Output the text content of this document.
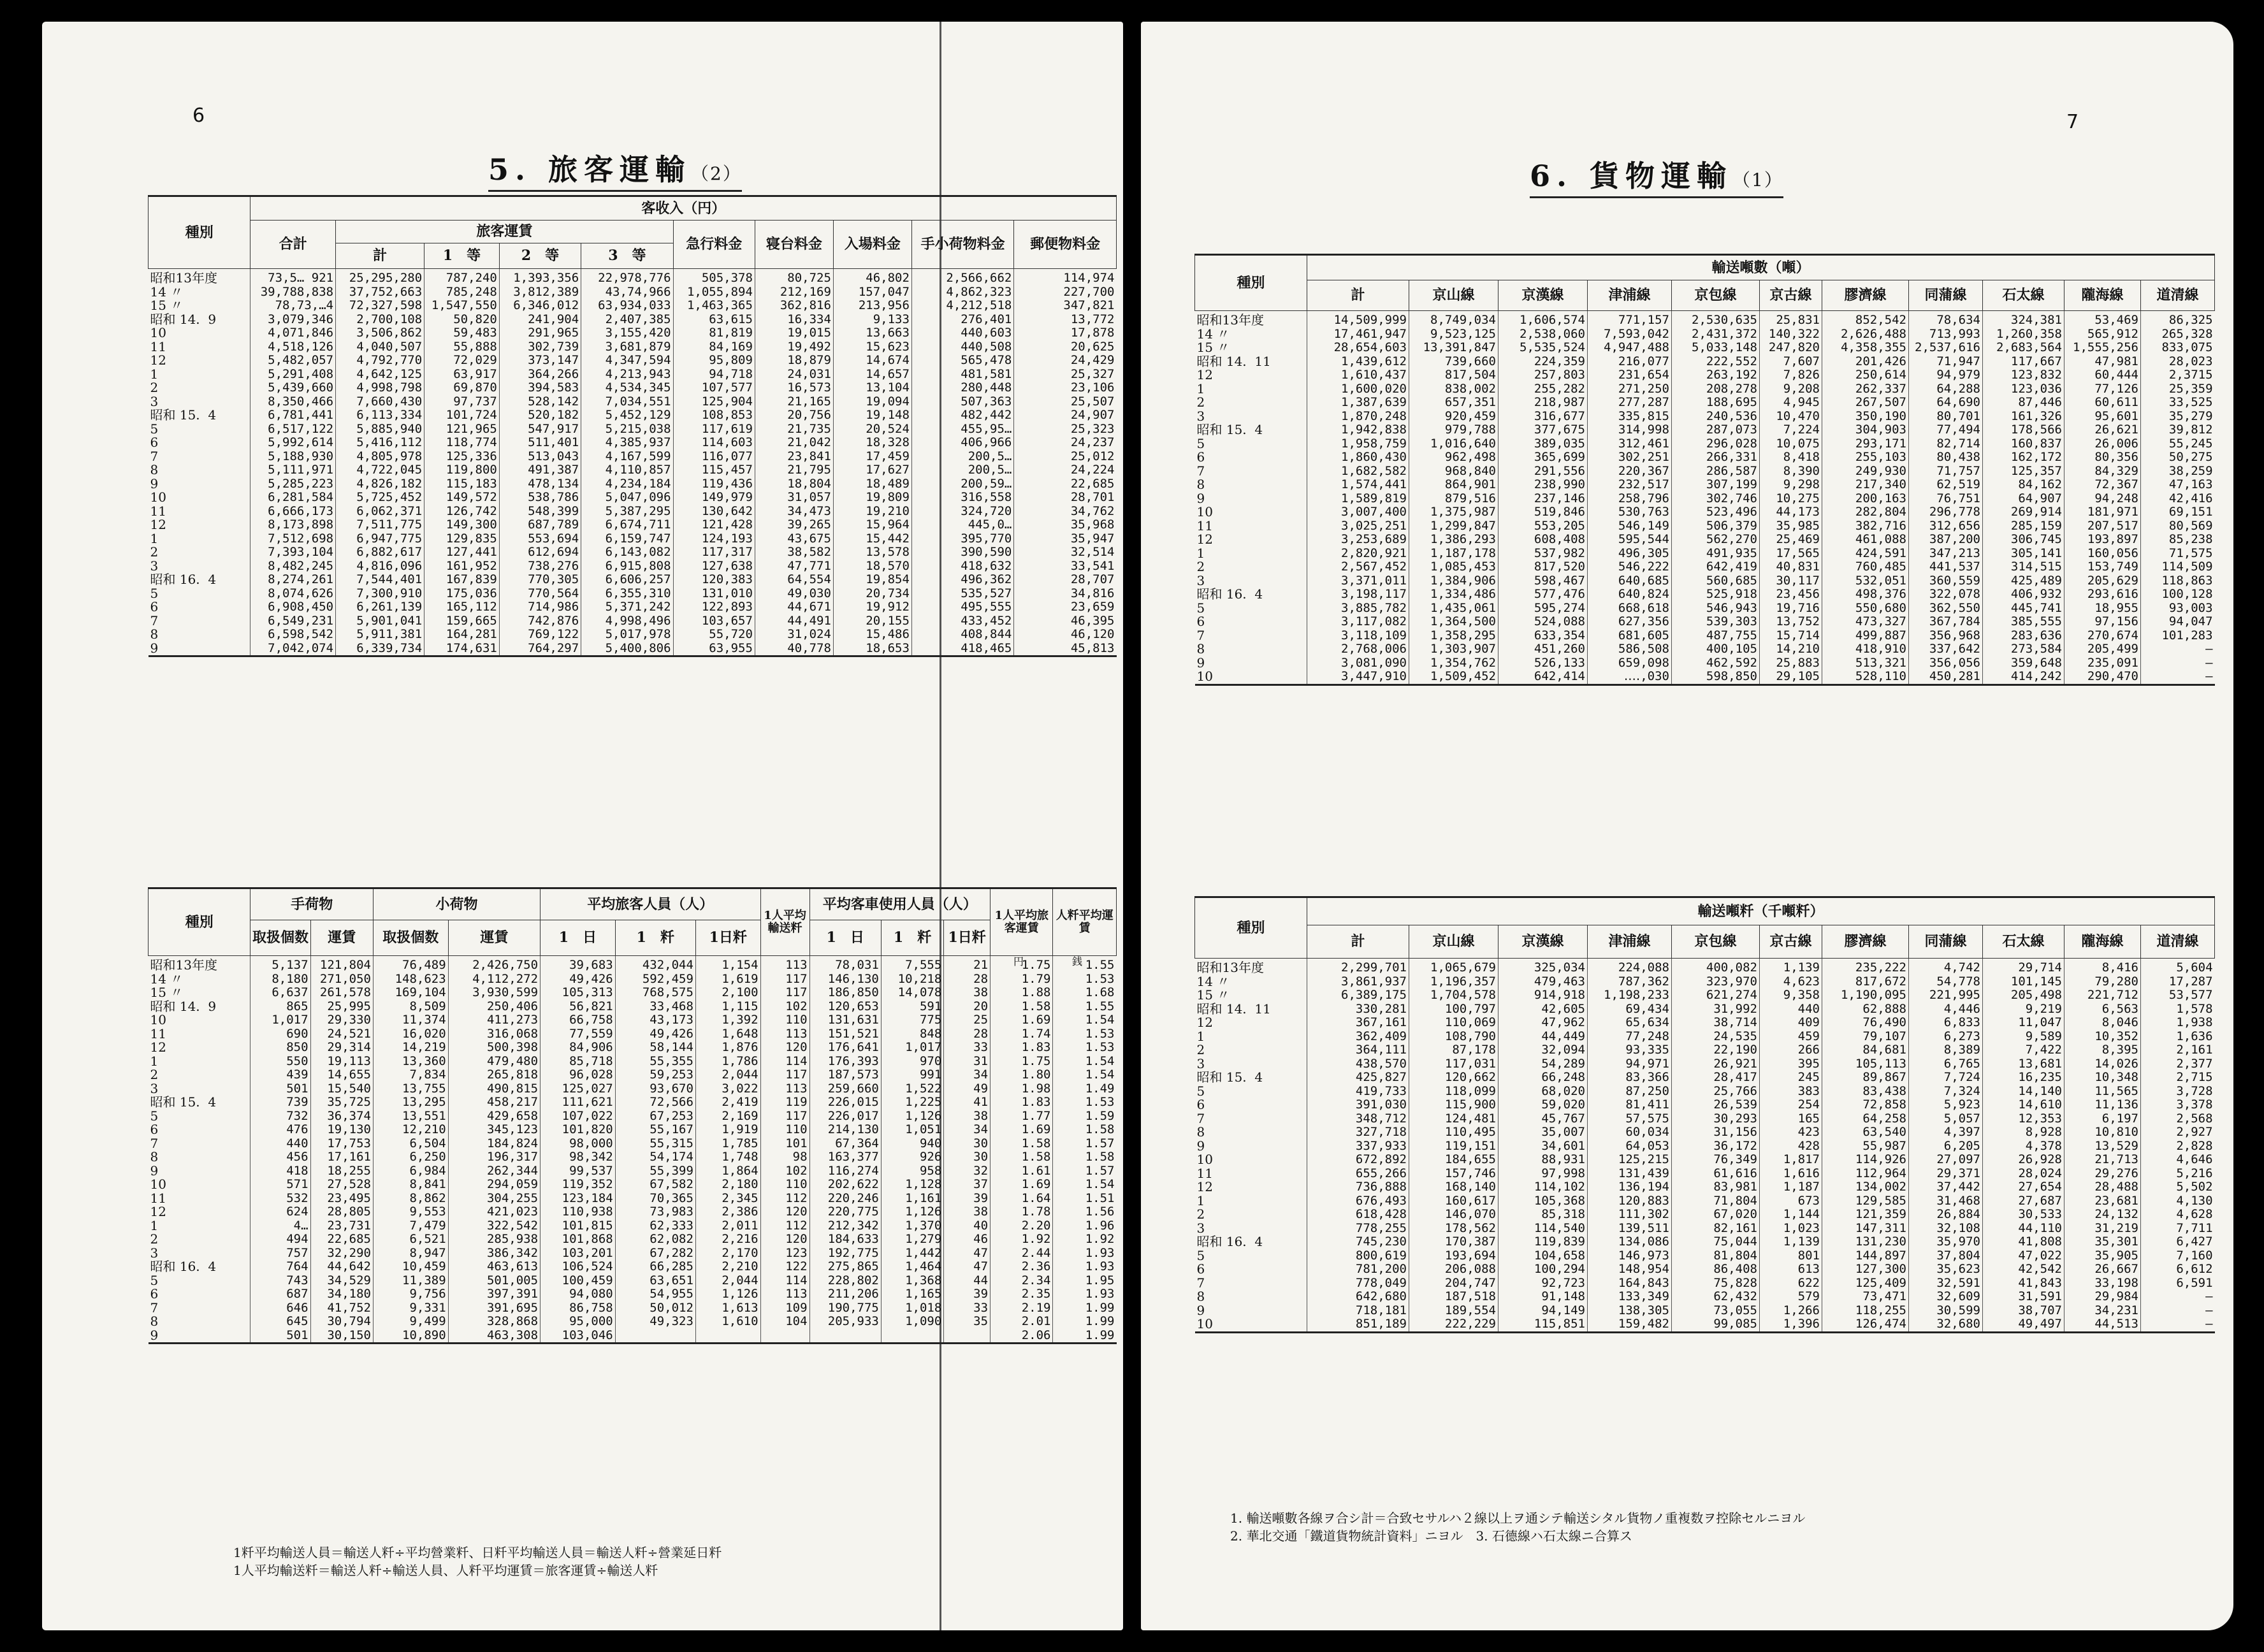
6
5. 旅客運輸（2）
種別	客收入（円）									
	合計	旅客運賃				急行料金	寝台料金	入場料金	手小荷物料金	郵便物料金
		計	1　等	2　等	3　等					
昭和13年度	73,5… 921	25,295,280	787,240	1,393,356	22,978,776	505,378	80,725	46,802	2,566,662	114,974
14 〃	39,788,838	37,752,663	785,248	3,812,389	43,74,966	1,055,894	212,169	157,047	4,862,323	227,700
15 〃	78,73,…4	72,327,598	1,547,550	6,346,012	63,934,033	1,463,365	362,816	213,956	4,212,518	347,821

昭和 14.  9	3,079,346	2,700,108	50,820	241,904	2,407,385	63,615	16,334	9,133	276,401	13,772

10	4,071,846	3,506,862	59,483	291,965	3,155,420	81,819	19,015	13,663	440,603	17,878
11	4,518,126	4,040,507	55,888	302,739	3,681,879	84,169	19,492	15,623	440,508	20,625
12	5,482,057	4,792,770	72,029	373,147	4,347,594	95,809	18,879	14,674	565,478	24,429
1	5,291,408	4,642,125	63,917	364,266	4,213,943	94,718	24,031	14,657	481,581	25,327
2	5,439,660	4,998,798	69,870	394,583	4,534,345	107,577	16,573	13,104	280,448	23,106
3	8,350,466	7,660,430	97,737	528,142	7,034,551	125,904	21,165	19,094	507,363	25,507

昭和 15.  4	6,781,441	6,113,334	101,724	520,182	5,452,129	108,853	20,756	19,148	482,442	24,907
5	6,517,122	5,885,940	121,965	547,917	5,215,038	117,619	21,735	20,524	455,95…	25,323
6	5,992,614	5,416,112	118,774	511,401	4,385,937	114,603	21,042	18,328	406,966	24,237
7	5,188,930	4,805,978	125,336	513,043	4,167,599	116,077	23,841	17,459	200,5…	25,012
8	5,111,971	4,722,045	119,800	491,387	4,110,857	115,457	21,795	17,627	200,5…	24,224
9	5,285,223	4,826,182	115,183	478,134	4,234,184	119,436	18,804	18,489	200,59…	22,685

10	6,281,584	5,725,452	149,572	538,786	5,047,096	149,979	31,057	19,809	316,558	28,701
11	6,666,173	6,062,371	126,742	548,399	5,387,295	130,642	34,473	19,210	324,720	34,762
12	8,173,898	7,511,775	149,300	687,789	6,674,711	121,428	39,265	15,964	445,0…	35,968
1	7,512,698	6,947,775	129,835	553,694	6,159,747	124,193	43,675	15,442	395,770	35,947
2	7,393,104	6,882,617	127,441	612,694	6,143,082	117,317	38,582	13,578	390,590	32,514
3	8,482,245	4,816,096	161,952	738,276	6,915,808	127,638	47,771	18,570	418,632	33,541

昭和 16.  4	8,274,261	7,544,401	167,839	770,305	6,606,257	120,383	64,554	19,854	496,362	28,707
5	8,074,626	7,300,910	175,036	770,564	6,355,310	131,010	49,030	20,734	535,527	34,816
6	6,908,450	6,261,139	165,112	714,986	5,371,242	122,893	44,671	19,912	495,555	23,659
7	6,549,231	5,901,041	159,665	742,876	4,998,496	103,657	44,491	20,155	433,452	46,395
8	6,598,542	5,911,381	164,281	769,122	5,017,978	55,720	31,024	15,486	408,844	46,120
9	7,042,074	6,339,734	174,631	764,297	5,400,806	63,955	40,778	18,653	418,465	45,813
種別	手荷物		小荷物		平均旅客人員（人）			1人平均輸送粁	平均客車使用人員（人）			1人平均旅客運賃	人粁平均運賃
	取扱個数	運賃	取扱個数	運賃	1　日	1　粁	1日粁		1　日	1　粁	1日粁		
昭和13年度	5,137	121,804	76,489	2,426,750	39,683	432,044	1,154	113	78,031	7,555	21	1.75	1.55
14 〃	8,180	271,050	148,623	4,112,272	49,426	592,459	1,619	117	146,130	10,218	28	1.79	1.53
15 〃	6,637	261,578	169,104	3,930,599	105,313	768,575	2,100	117	186,850	14,078	38	1.88	1.68

昭和 14.  9	865	25,995	8,509	250,406	56,821	33,468	1,115	102	120,653	591	20	1.58	1.55

10	1,017	29,330	11,374	411,273	66,758	43,173	1,392	110	131,631	775	25	1.69	1.54
11	690	24,521	16,020	316,068	77,559	49,426	1,648	113	151,521	848	28	1.74	1.53
12	850	29,314	14,219	500,398	84,906	58,144	1,876	120	176,641	1,017	33	1.83	1.53
1	550	19,113	13,360	479,480	85,718	55,355	1,786	114	176,393	970	31	1.75	1.54
2	439	14,655	7,834	265,818	96,028	59,253	2,044	117	187,573	991	34	1.80	1.54
3	501	15,540	13,755	490,815	125,027	93,670	3,022	113	259,660	1,522	49	1.98	1.49

昭和 15.  4	739	35,725	13,295	458,217	111,621	72,566	2,419	119	226,015	1,225	41	1.83	1.53
5	732	36,374	13,551	429,658	107,022	67,253	2,169	117	226,017	1,126	38	1.77	1.59
6	476	19,130	12,210	345,123	101,820	55,167	1,919	110	214,130	1,051	34	1.69	1.58
7	440	17,753	6,504	184,824	98,000	55,315	1,785	101	67,364	940	30	1.58	1.57
8	456	17,161	6,250	196,317	98,342	54,174	1,748	98	163,377	926	30	1.58	1.58
9	418	18,255	6,984	262,344	99,537	55,399	1,864	102	116,274	958	32	1.61	1.57

10	571	27,528	8,841	294,059	119,352	67,582	2,180	110	202,622	1,128	37	1.69	1.54
11	532	23,495	8,862	304,255	123,184	70,365	2,345	112	220,246	1,161	39	1.64	1.51
12	624	28,805	9,553	421,023	110,938	73,983	2,386	120	220,775	1,126	38	1.78	1.56
1	4…	23,731	7,479	322,542	101,815	62,333	2,011	112	212,342	1,370	40	2.20	1.96
2	494	22,685	6,521	285,938	101,868	62,082	2,216	120	184,633	1,279	46	1.92	1.92
3	757	32,290	8,947	386,342	103,201	67,282	2,170	123	192,775	1,442	47	2.44	1.93

昭和 16.  4	764	44,642	10,459	463,613	106,524	66,285	2,210	122	275,865	1,464	47	2.36	1.93
5	743	34,529	11,389	501,005	100,459	63,651	2,044	114	228,802	1,368	44	2.34	1.95
6	687	34,180	9,756	397,391	94,080	54,955	1,126	113	211,206	1,165	39	2.35	1.93
7	646	41,752	9,331	391,695	86,758	50,012	1,613	109	190,775	1,018	33	2.19	1.99
8	645	30,794	9,499	328,868	95,000	49,323	1,610	104	205,933	1,090	35	2.01	1.99
9	501	30,150	10,890	463,308	103,046							2.06	1.99
円	銭
1粁平均輸送人員＝輸送人粁÷平均營業粁、日粁平均輸送人員＝輸送人粁÷營業延日粁
1人平均輸送粁＝輸送人粁÷輸送人員、人粁平均運賃＝旅客運賃÷輸送人粁
7
6. 貨物運輸（1）
種別	輸送噸數（噸）										
	計	京山線	京漢線	津浦線	京包線	京古線	膠濟線	同蒲線	石太線	隴海線	道清線
昭和13年度	14,509,999	8,749,034	1,606,574	771,157	2,530,635	25,831	852,542	78,634	324,381	53,469	86,325
14 〃	17,461,947	9,523,125	2,538,060	7,593,042	2,431,372	140,322	2,626,488	713,993	1,260,358	565,912	265,328
15 〃	28,654,603	13,391,847	5,535,524	4,947,488	5,033,148	247,820	4,358,355	2,537,616	2,683,564	1,555,256	833,075

昭和 14.  11	1,439,612	739,660	224,359	216,077	222,552	7,607	201,426	71,947	117,667	47,981	28,023
12	1,610,437	817,504	257,803	231,654	263,192	7,826	250,614	94,979	123,832	60,444	2,3715
1	1,600,020	838,002	255,282	271,250	208,278	9,208	262,337	64,288	123,036	77,126	25,359
2	1,387,639	657,351	218,987	277,287	188,695	4,945	267,507	64,690	87,446	60,611	33,525
3	1,870,248	920,459	316,677	335,815	240,536	10,470	350,190	80,701	161,326	95,601	35,279

昭和 15.  4	1,942,838	979,788	377,675	314,998	287,073	7,224	304,903	77,494	178,566	26,621	39,812
5	1,958,759	1,016,640	389,035	312,461	296,028	10,075	293,171	82,714	160,837	26,006	55,245
6	1,860,430	962,498	365,699	302,251	266,331	8,418	255,103	80,438	162,172	80,356	50,275
7	1,682,582	968,840	291,556	220,367	286,587	8,390	249,930	71,757	125,357	84,329	38,259
8	1,574,441	864,901	238,990	232,517	307,199	9,298	217,340	62,519	84,162	72,367	47,163
9	1,589,819	879,516	237,146	258,796	302,746	10,275	200,163	76,751	64,907	94,248	42,416

10	3,007,400	1,375,987	519,846	530,763	523,496	44,173	282,804	296,778	269,914	181,971	69,151
11	3,025,251	1,299,847	553,205	546,149	506,379	35,985	382,716	312,656	285,159	207,517	80,569
12	3,253,689	1,386,293	608,408	595,544	562,270	25,469	461,088	387,200	306,745	193,897	85,238
1	2,820,921	1,187,178	537,982	496,305	491,935	17,565	424,591	347,213	305,141	160,056	71,575
2	2,567,452	1,085,453	817,520	546,222	642,419	40,831	760,485	441,537	314,515	153,749	114,509
3	3,371,011	1,384,906	598,467	640,685	560,685	30,117	532,051	360,559	425,489	205,629	118,863

昭和 16.  4	3,198,117	1,334,486	577,476	640,824	525,918	23,456	498,376	322,078	406,932	293,616	100,128
5	3,885,782	1,435,061	595,274	668,618	546,943	19,716	550,680	362,550	445,741	18,955	93,003
6	3,117,082	1,364,500	524,088	627,356	539,303	13,752	473,327	367,784	385,555	97,156	94,047
7	3,118,109	1,358,295	633,354	681,605	487,755	15,714	499,887	356,968	283,636	270,674	101,283
8	2,768,006	1,303,907	451,260	586,508	400,105	14,210	418,910	337,642	273,584	205,499	—
9	3,081,090	1,354,762	526,133	659,098	462,592	25,883	513,321	356,056	359,648	235,091	—
10	3,447,910	1,509,452	642,414	‥‥,030	598,850	29,105	528,110	450,281	414,242	290,470	—
種別	輸送噸粁（千噸粁）										
	計	京山線	京漢線	津浦線	京包線	京古線	膠濟線	同蒲線	石太線	隴海線	道清線
昭和13年度	2,299,701	1,065,679	325,034	224,088	400,082	1,139	235,222	4,742	29,714	8,416	5,604
14 〃	3,861,937	1,196,357	479,463	787,362	323,970	4,623	817,672	54,778	101,145	79,280	17,287
15 〃	6,389,175	1,704,578	914,918	1,198,233	621,274	9,358	1,190,095	221,995	205,498	221,712	53,577

昭和 14.  11	330,281	100,797	42,605	69,434	31,992	440	62,888	4,446	9,219	6,563	1,578
12	367,161	110,069	47,962	65,634	38,714	409	76,490	6,833	11,047	8,046	1,938
1	362,409	108,790	44,449	77,248	24,535	459	79,107	6,273	9,589	10,352	1,636
2	364,111	87,178	32,094	93,335	22,190	266	84,681	8,389	7,422	8,395	2,161
3	438,570	117,031	54,289	94,971	26,921	395	105,113	6,765	13,681	14,026	2,377

昭和 15.  4	425,827	120,662	66,248	83,366	28,417	245	89,867	7,724	16,235	10,348	2,715
5	419,733	118,099	68,020	87,250	25,766	383	83,438	7,324	14,140	11,565	3,728
6	391,030	115,900	59,020	81,411	26,539	254	72,858	5,923	14,610	11,136	3,378
7	348,712	124,481	45,767	57,575	30,293	165	64,258	5,057	12,353	6,197	2,568
8	327,718	110,495	35,007	60,034	31,156	423	63,540	4,397	8,928	10,810	2,927
9	337,933	119,151	34,601	64,053	36,172	428	55,987	6,205	4,378	13,529	2,828

10	672,892	184,655	88,931	125,215	76,349	1,817	114,926	27,097	26,928	21,713	4,646
11	655,266	157,746	97,998	131,439	61,616	1,616	112,964	29,371	28,024	29,276	5,216
12	736,888	168,140	114,102	136,194	83,981	1,187	134,002	37,442	27,654	28,488	5,502
1	676,493	160,617	105,368	120,883	71,804	673	129,585	31,468	27,687	23,681	4,130
2	618,428	146,070	85,318	111,302	67,020	1,144	121,359	26,884	30,533	24,132	4,628
3	778,255	178,562	114,540	139,511	82,161	1,023	147,311	32,108	44,110	31,219	7,711

昭和 16.  4	745,230	170,387	119,839	134,086	75,044	1,139	131,230	35,970	41,808	35,301	6,427
5	800,619	193,694	104,658	146,973	81,804	801	144,897	37,804	47,022	35,905	7,160
6	781,200	206,088	100,294	148,954	86,408	613	127,300	35,623	42,542	26,667	6,612
7	778,049	204,747	92,723	164,843	75,828	622	125,409	32,591	41,843	33,198	6,591
8	642,680	187,518	91,148	133,349	62,432	579	73,471	32,609	31,591	29,984	—
9	718,181	189,554	94,149	138,305	73,055	1,266	118,255	30,599	38,707	34,231	—
10	851,189	222,229	115,851	159,482	99,085	1,396	126,474	32,680	49,497	44,513	—
1. 輸送噸數各線ヲ合シ計＝合致セサルハ２線以上ヲ通シテ輸送シタル貨物ノ重複数ヲ控除セルニヨル
2. 華北交通「鐵道貨物統計資料」ニヨル　3. 石德線ハ石太線ニ合算ス
